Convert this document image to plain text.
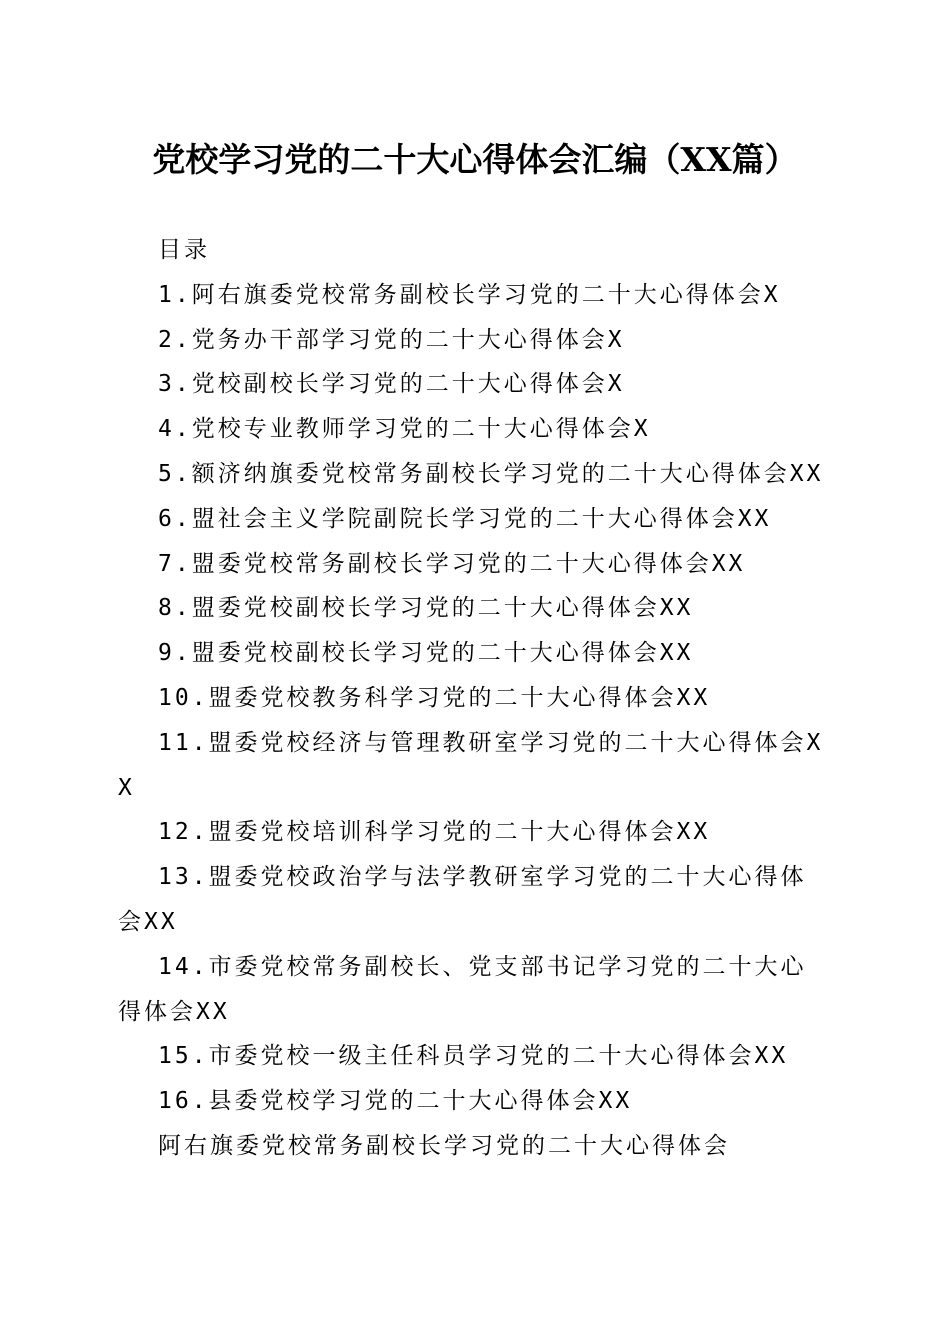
党校学习党的二十大心得体会汇编（XX篇）

目录

1.阿右旗委党校常务副校长学习党的二十大心得体会X

2.党务办干部学习党的二十大心得体会X

3.党校副校长学习党的二十大心得体会X

4.党校专业教师学习党的二十大心得体会X

5.额济纳旗委党校常务副校长学习党的二十大心得体会XX

6.盟社会主义学院副院长学习党的二十大心得体会XX

7.盟委党校常务副校长学习党的二十大心得体会XX

8.盟委党校副校长学习党的二十大心得体会XX

9.盟委党校副校长学习党的二十大心得体会XX

10.盟委党校教务科学习党的二十大心得体会XX

11.盟委党校经济与管理教研室学习党的二十大心得体会XX

12.盟委党校培训科学习党的二十大心得体会XX

13.盟委党校政治学与法学教研室学习党的二十大心得体会XX

14.市委党校常务副校长、党支部书记学习党的二十大心得体会XX

15.市委党校一级主任科员学习党的二十大心得体会XX

16.县委党校学习党的二十大心得体会XX

阿右旗委党校常务副校长学习党的二十大心得体会
